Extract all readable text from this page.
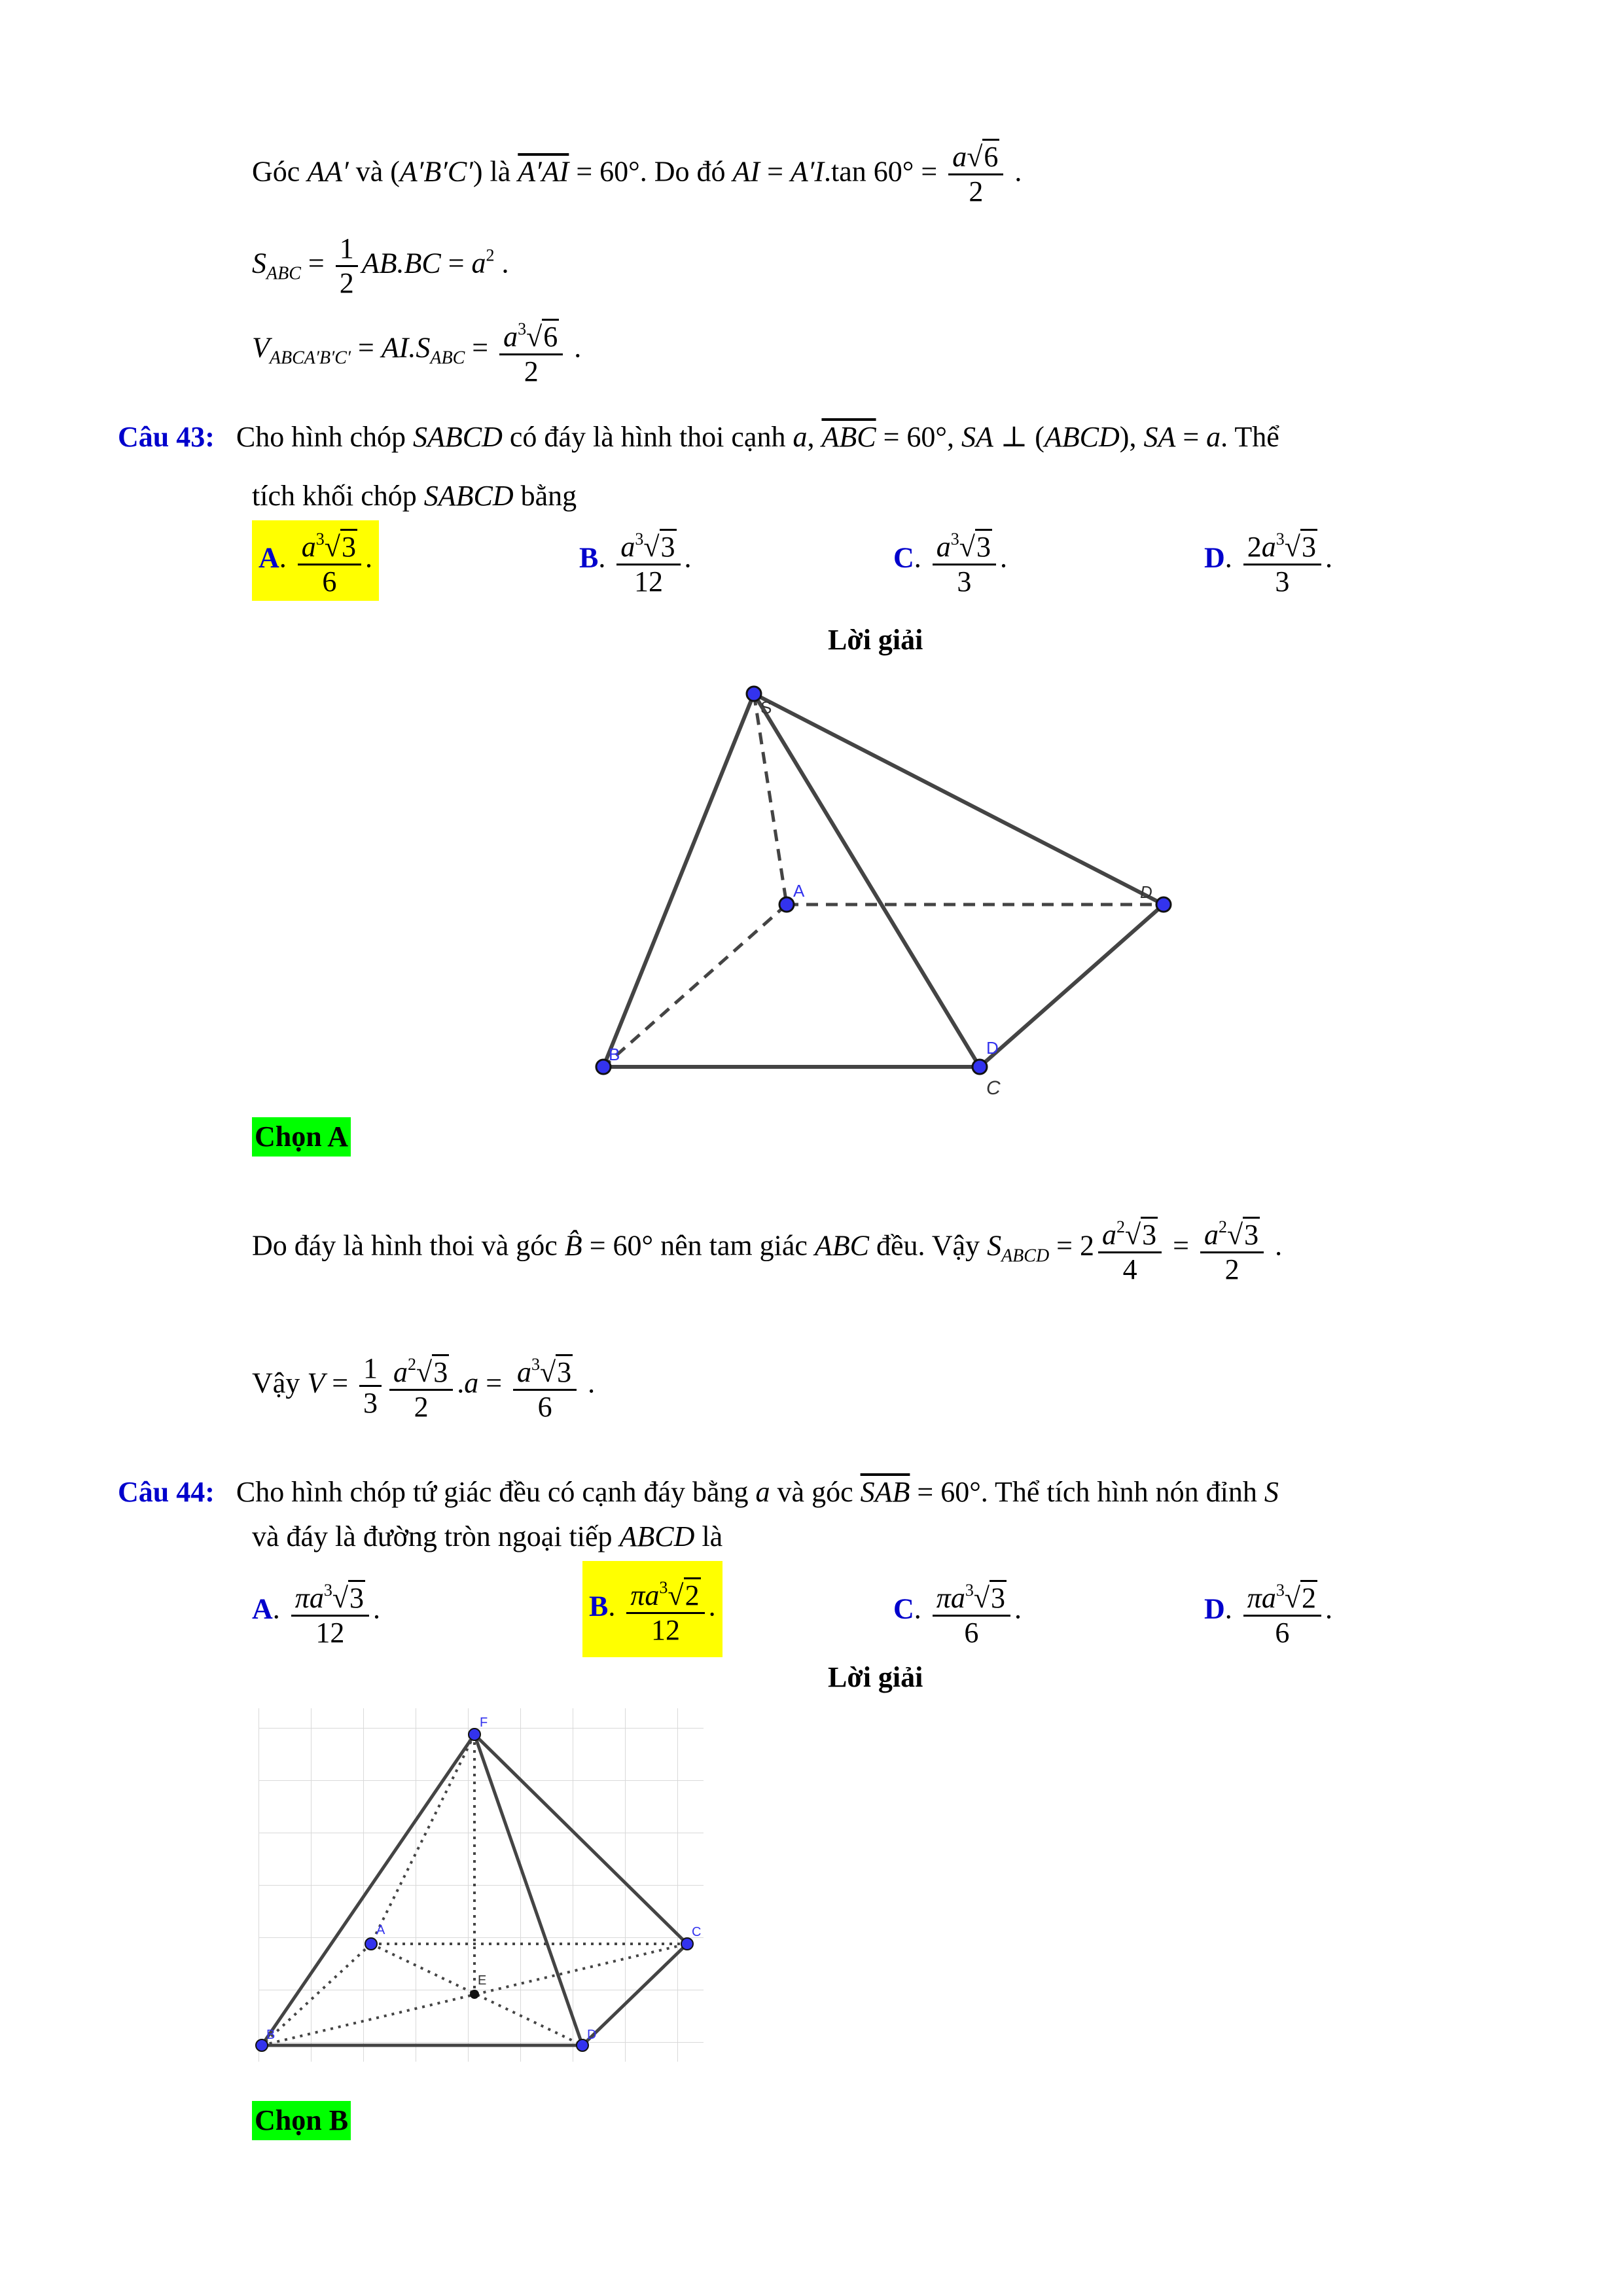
Góc AA′ và (A′B′C′) là A′AI = 60°. Do đó AI = A′I.tan $60^\circ = \frac{a√6}{2}$ .
$S_{ABC} = \frac{1}{2} AB.BC = a^2$ .
$V_{ABCA'B'C'} = AI.S_{ABC} = \frac{a^3√6}{2}$ .
Câu 43: Cho hình chóp SABCD có đáy là hình thoi cạnh a, $\overline{ABC} = 60^\circ$, SA ⊥ (ABCD), SA = a. Thể
tích khối chóp SABCD bằng
A. $\frac{a^3√3}{6}$ .	B. $\frac{a^3√3}{12}$ .	C. $\frac{a^3√3}{3}$ .	D. $\frac{2a^3√3}{3}$ .
Lời giải
S
A	D
B	D
C
Chọn A
Do đáy là hình thoi và góc B̂ = 60° nên tam giác ABC đều. Vậy $S_{ABCD} = 2 \frac{a^2√3}{4} = \frac{a^2√3}{2}$ .
Vậy $V = \frac{1}{3} \frac{a^2√3}{2} .a = \frac{a^3√3}{6}$ .
Câu 44: Cho hình chóp tứ giác đều có cạnh đáy bằng a và góc $\overline{SAB} = 60^\circ$. Thể tích hình nón đỉnh S
và đáy là đường tròn ngoại tiếp ABCD là
A. $\frac{\pi a^3√3}{12}$ .	B. $\frac{\pi a^3√2}{12}$ .	C. $\frac{\pi a^3√3}{6}$ .	D. $\frac{\pi a^3√2}{6}$ .
Lời giải
F
A	C
E
B	D
Chọn B
